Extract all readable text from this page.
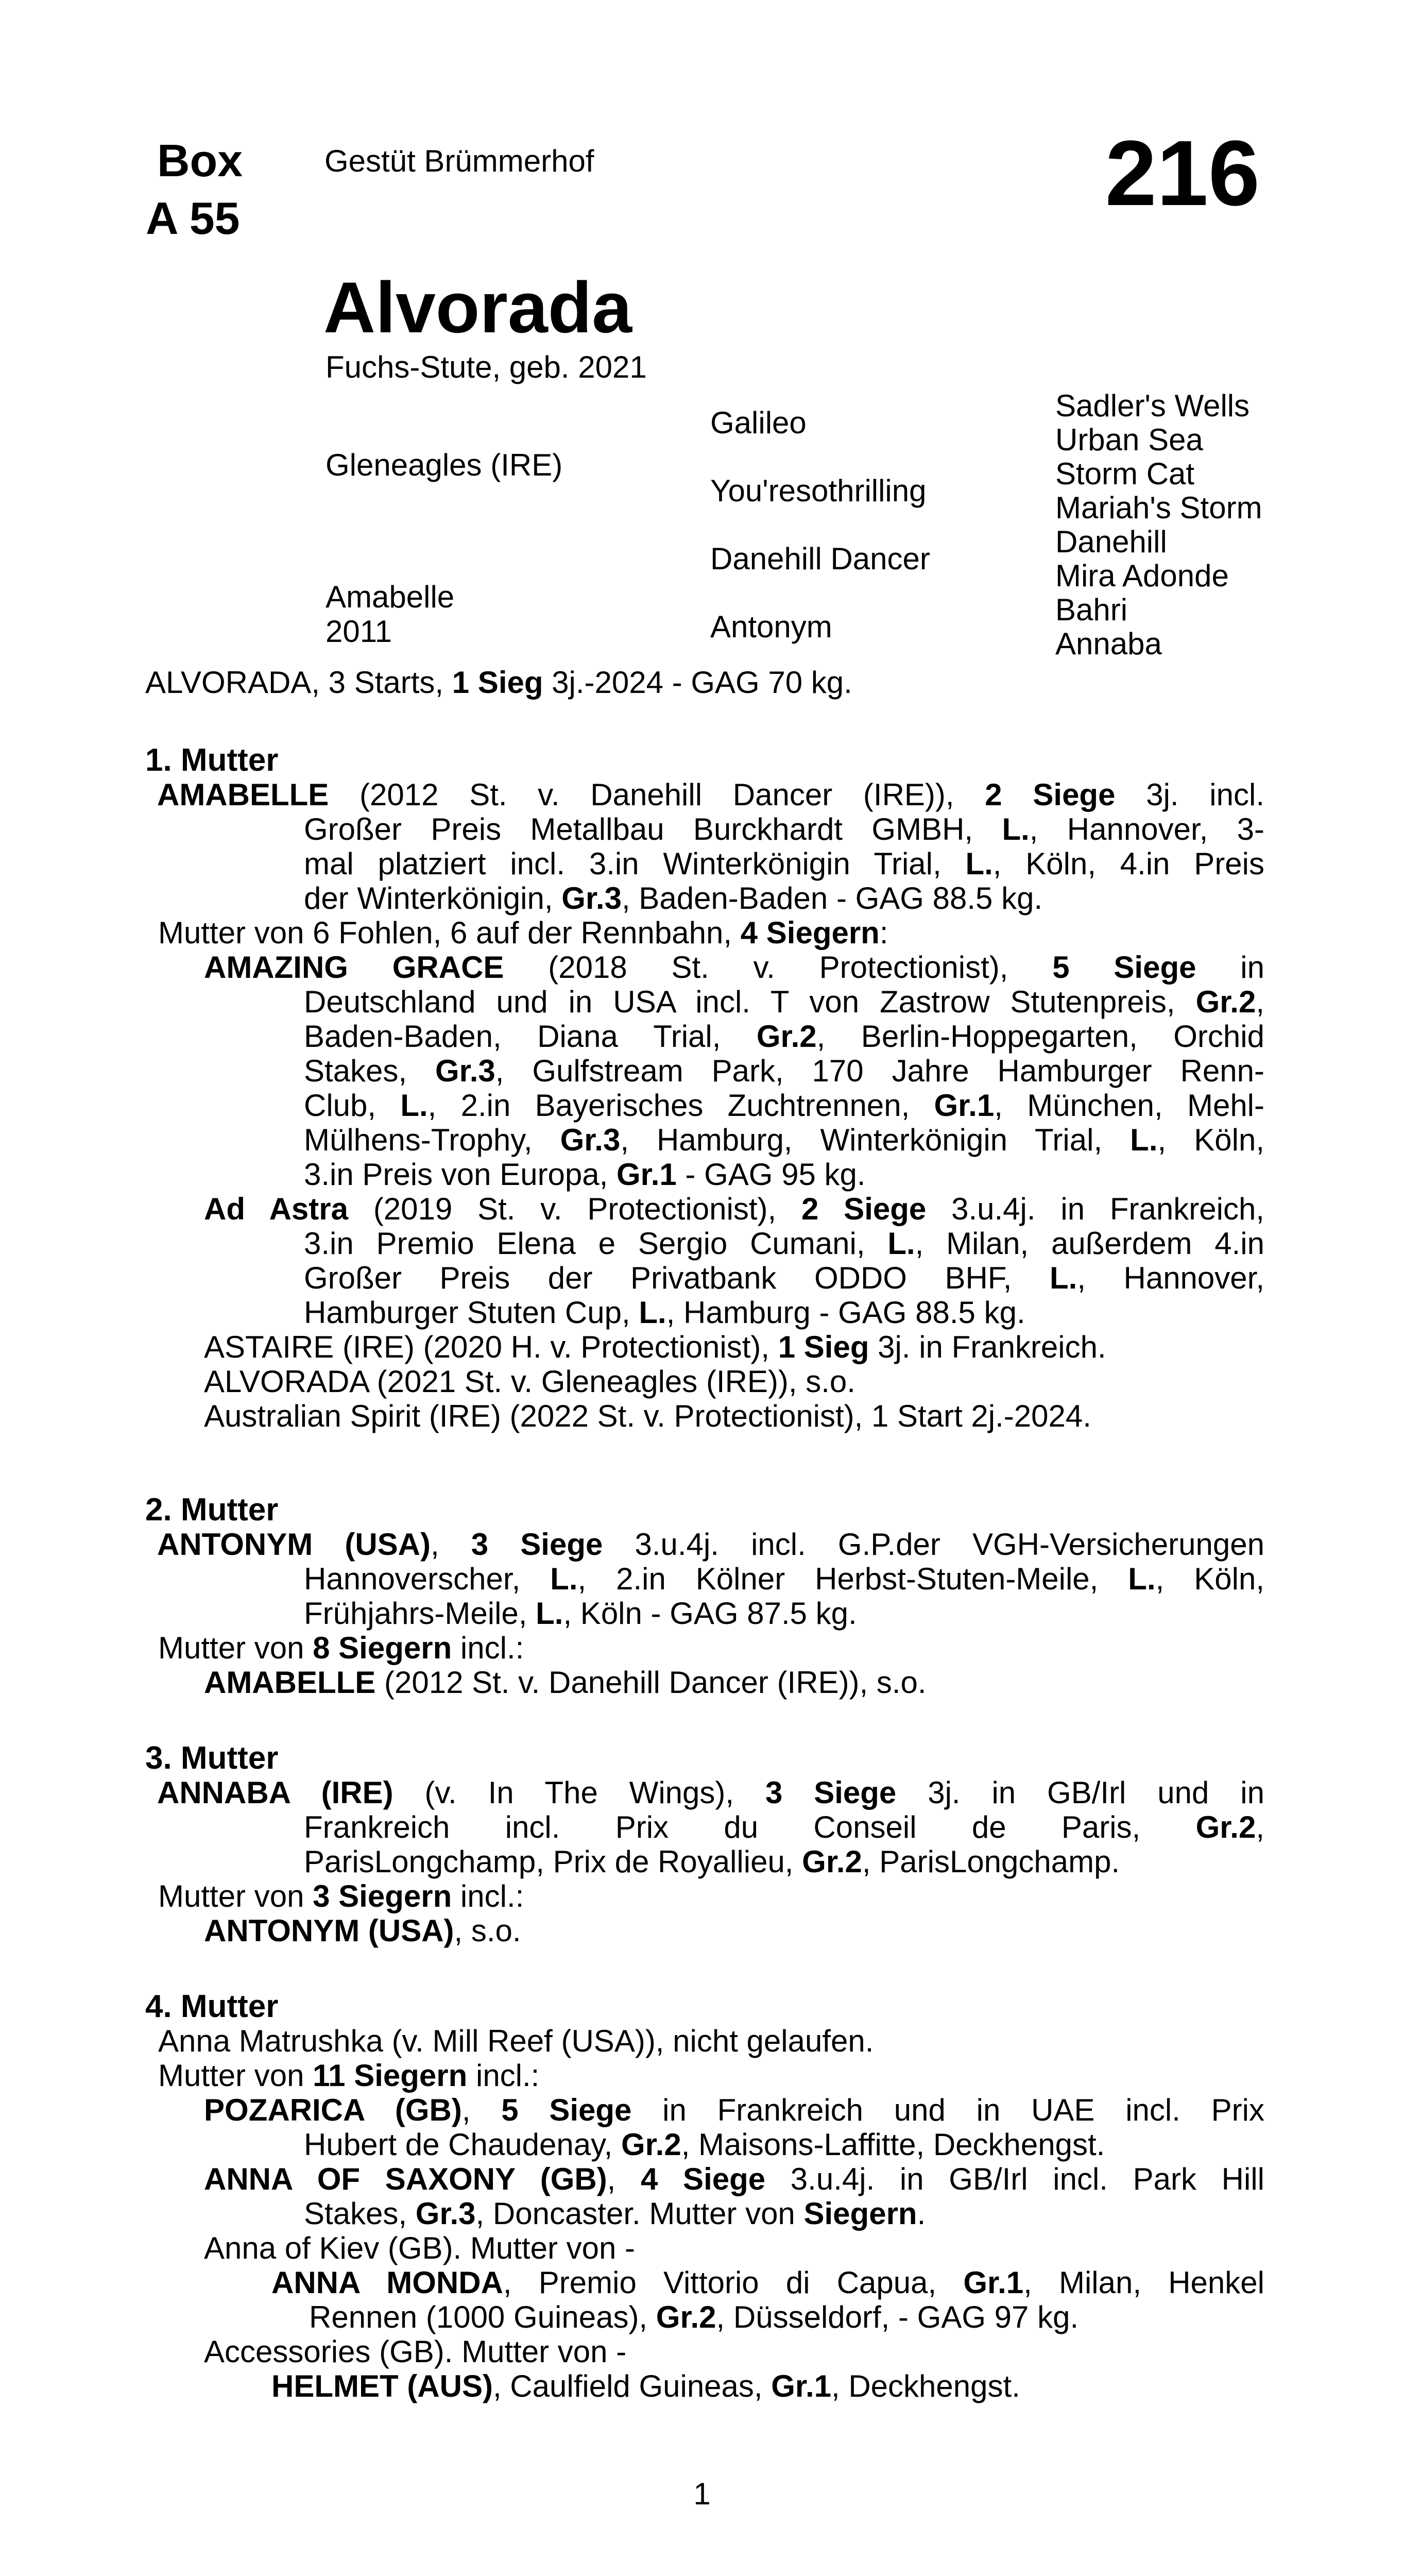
Box
A 55
Gestüt Brümmerhof	216
Alvorada
Fuchs-Stute, geb. 2021
Gleneagles (IRE)
Amabelle
2011
Galileo
You'resothrilling
Danehill Dancer
Antonym
Sadler's Wells
Urban Sea
Storm Cat
Mariah's Storm
Danehill
Mira Adonde
Bahri
Annaba
ALVORADA, 3 Starts, 1 Sieg 3j.-2024 - GAG 70 kg.
1. Mutter
AMABELLE (2012 St. v. Danehill Dancer (IRE)), 2 Siege 3j. incl.
Großer Preis Metallbau Burckhardt GMBH, L., Hannover, 3-
mal platziert incl. 3.in Winterkönigin Trial, L., Köln, 4.in Preis
der Winterkönigin, Gr.3, Baden-Baden - GAG 88.5 kg.
Mutter von 6 Fohlen, 6 auf der Rennbahn, 4 Siegern:
AMAZING GRACE (2018 St. v. Protectionist), 5 Siege in
Deutschland und in USA incl. T von Zastrow Stutenpreis, Gr.2,
Baden-Baden, Diana Trial, Gr.2, Berlin-Hoppegarten, Orchid
Stakes, Gr.3, Gulfstream Park, 170 Jahre Hamburger Renn-
Club, L., 2.in Bayerisches Zuchtrennen, Gr.1, München, Mehl-
Mülhens-Trophy, Gr.3, Hamburg, Winterkönigin Trial, L., Köln,
3.in Preis von Europa, Gr.1 - GAG 95 kg.
Ad Astra (2019 St. v. Protectionist), 2 Siege 3.u.4j. in Frankreich,
3.in Premio Elena e Sergio Cumani, L., Milan, außerdem 4.in
Großer Preis der Privatbank ODDO BHF, L., Hannover,
Hamburger Stuten Cup, L., Hamburg - GAG 88.5 kg.
ASTAIRE (IRE) (2020 H. v. Protectionist), 1 Sieg 3j. in Frankreich.
ALVORADA (2021 St. v. Gleneagles (IRE)), s.o.
Australian Spirit (IRE) (2022 St. v. Protectionist), 1 Start 2j.-2024.
2. Mutter
ANTONYM (USA), 3 Siege 3.u.4j. incl. G.P.der VGH-Versicherungen
Hannoverscher, L., 2.in Kölner Herbst-Stuten-Meile, L., Köln,
Frühjahrs-Meile, L., Köln - GAG 87.5 kg.
Mutter von 8 Siegern incl.:
AMABELLE (2012 St. v. Danehill Dancer (IRE)), s.o.
3. Mutter
ANNABA (IRE) (v. In The Wings), 3 Siege 3j. in GB/Irl und in
Frankreich incl. Prix du Conseil de Paris, Gr.2,
ParisLongchamp, Prix de Royallieu, Gr.2, ParisLongchamp.
Mutter von 3 Siegern incl.:
ANTONYM (USA), s.o.
4. Mutter
Anna Matrushka (v. Mill Reef (USA)), nicht gelaufen.
Mutter von 11 Siegern incl.:
POZARICA (GB), 5 Siege in Frankreich und in UAE incl. Prix
Hubert de Chaudenay, Gr.2, Maisons-Laffitte, Deckhengst.
ANNA OF SAXONY (GB), 4 Siege 3.u.4j. in GB/Irl incl. Park Hill
Stakes, Gr.3, Doncaster. Mutter von Siegern.
Anna of Kiev (GB). Mutter von -
ANNA MONDA, Premio Vittorio di Capua, Gr.1, Milan, Henkel
Rennen (1000 Guineas), Gr.2, Düsseldorf, - GAG 97 kg.
Accessories (GB). Mutter von -
HELMET (AUS), Caulfield Guineas, Gr.1, Deckhengst.
1
